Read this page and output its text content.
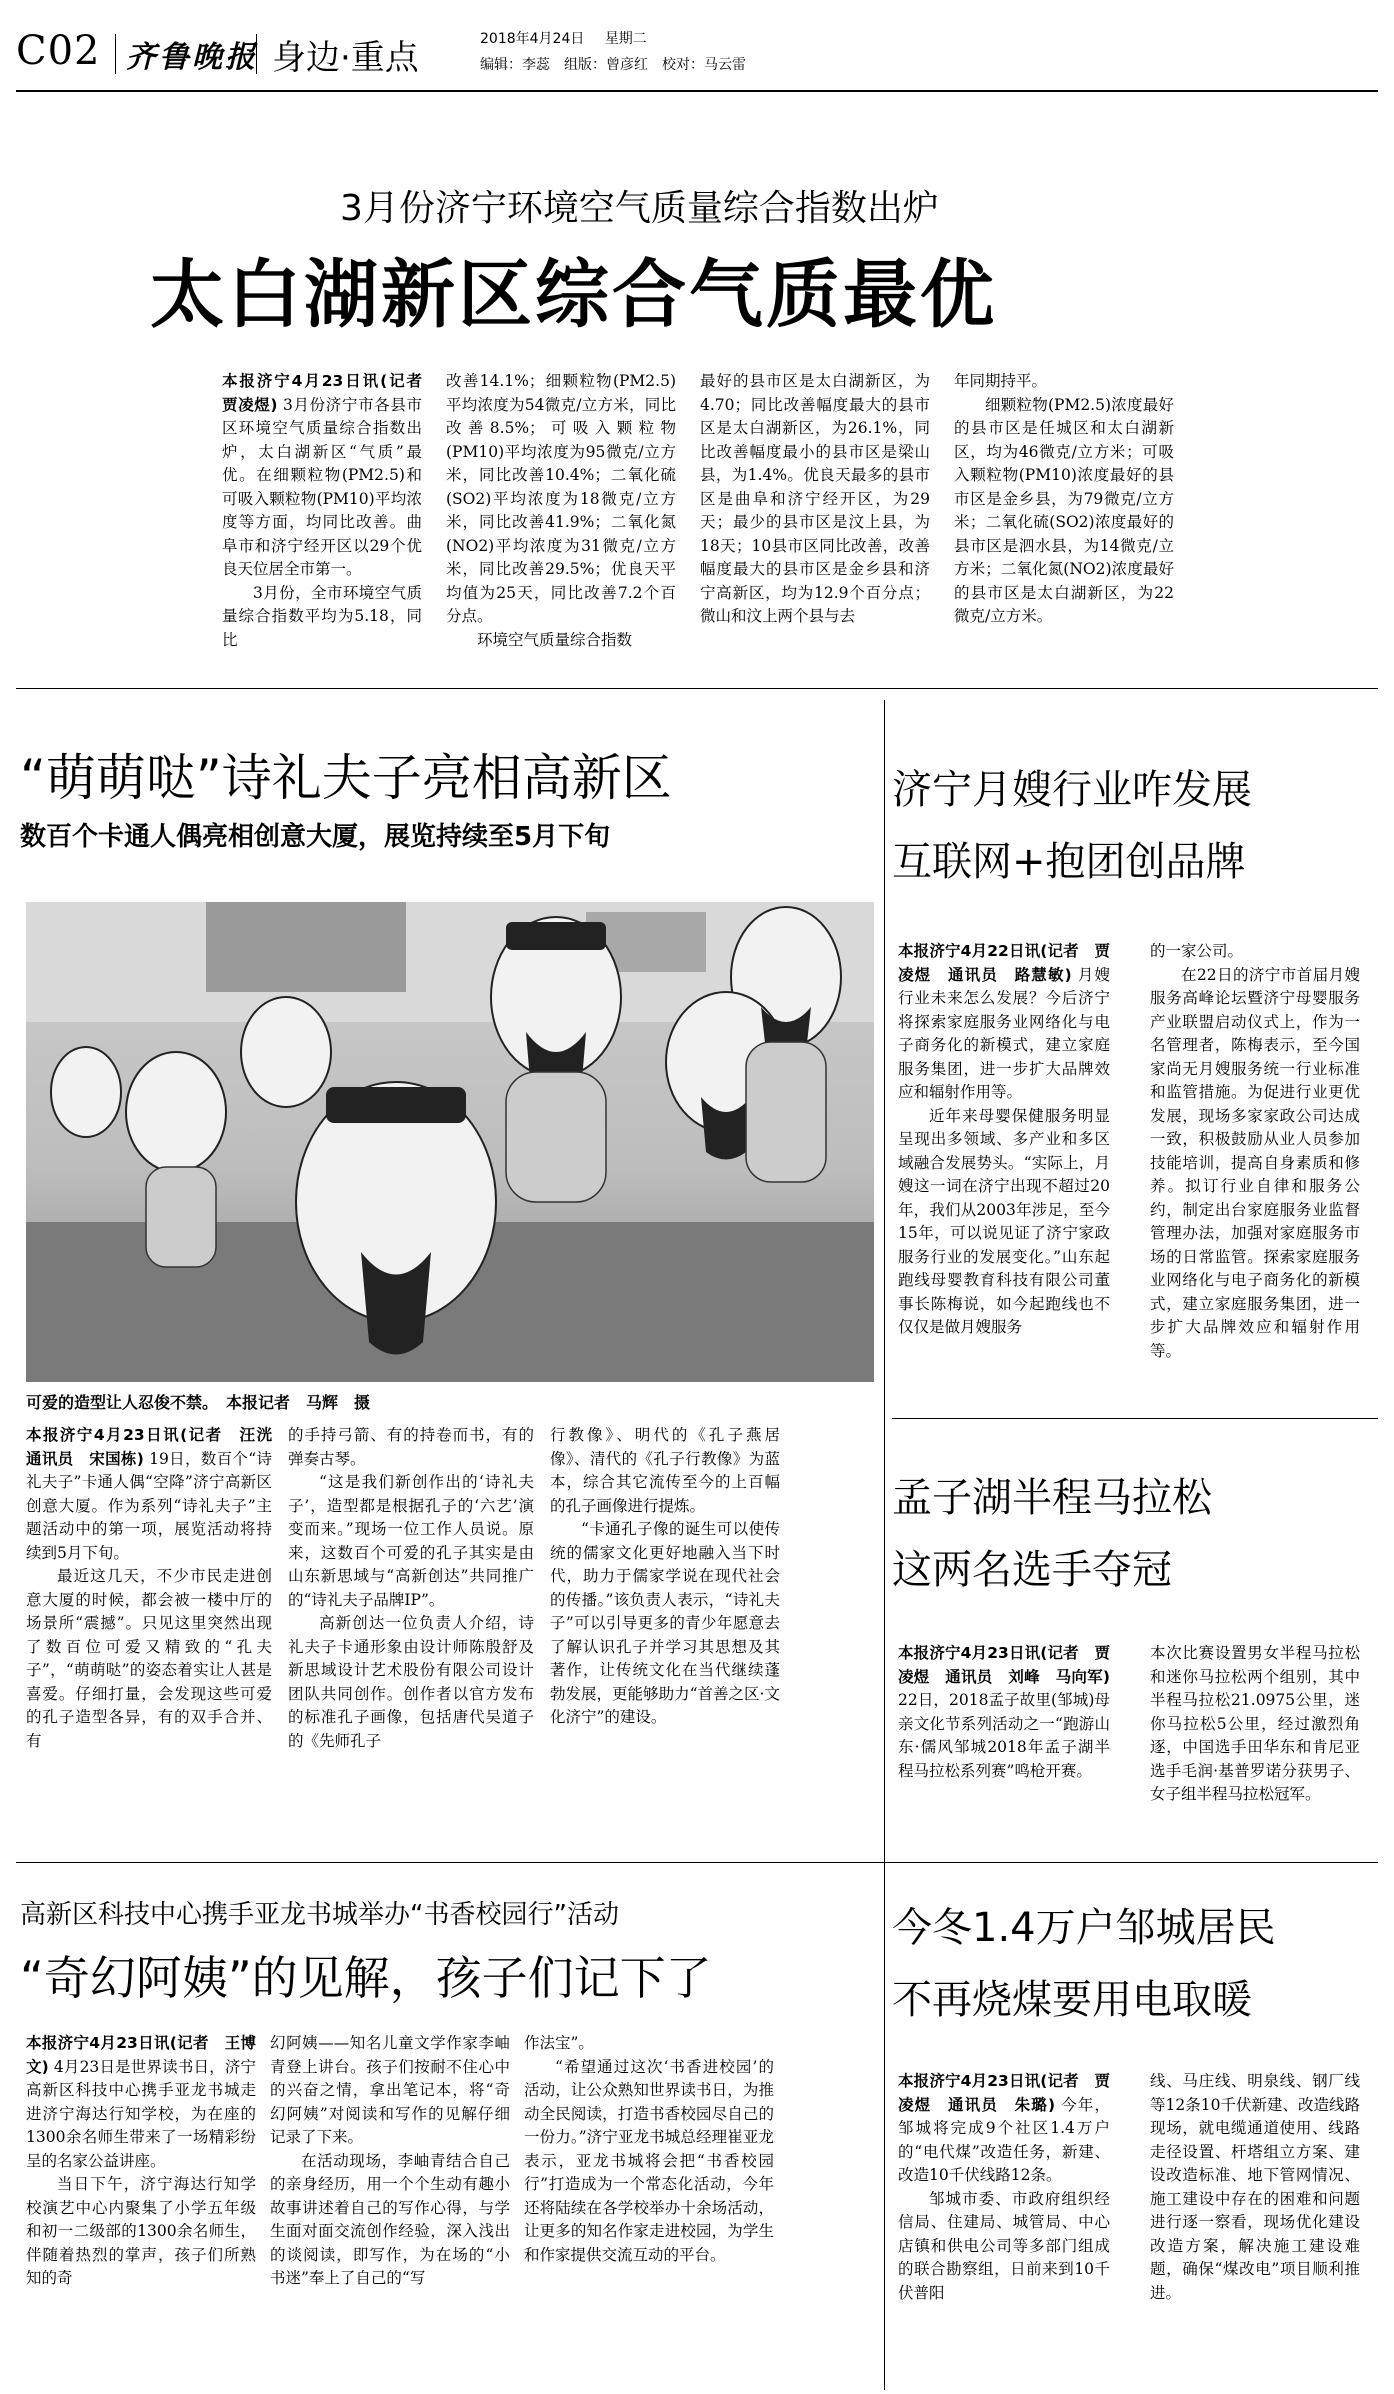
C02 齐鲁晚报 身边·重点	2018年4月24日 星期二
编辑：李蕊　组版：曾彦红　校对：马云雷
3月份济宁环境空气质量综合指数出炉
太白湖新区综合气质最优

本报济宁4月23日讯(记者　贾凌煜) 3月份济宁市各县市区环境空气质量综合指数出炉，太白湖新区“气质”最优。在细颗粒物(PM2.5)和可吸入颗粒物(PM10)平均浓度等方面，均同比改善。曲阜市和济宁经开区以29个优良天位居全市第一。

3月份，全市环境空气质量综合指数平均为5.18，同比

改善14.1%；细颗粒物(PM2.5)平均浓度为54微克/立方米，同比改善8.5%；可吸入颗粒物(PM10)平均浓度为95微克/立方米，同比改善10.4%；二氧化硫(SO2)平均浓度为18微克/立方米，同比改善41.9%；二氧化氮(NO2)平均浓度为31微克/立方米，同比改善29.5%；优良天平均值为25天，同比改善7.2个百分点。

环境空气质量综合指数

最好的县市区是太白湖新区，为4.70；同比改善幅度最大的县市区是太白湖新区，为26.1%，同比改善幅度最小的县市区是梁山县，为1.4%。优良天最多的县市区是曲阜和济宁经开区，为29天；最少的县市区是汶上县，为18天；10县市区同比改善，改善幅度最大的县市区是金乡县和济宁高新区，均为12.9个百分点；微山和汶上两个县与去

年同期持平。

细颗粒物(PM2.5)浓度最好的县市区是任城区和太白湖新区，均为46微克/立方米；可吸入颗粒物(PM10)浓度最好的县市区是金乡县，为79微克/立方米；二氧化硫(SO2)浓度最好的县市区是泗水县，为14微克/立方米；二氧化氮(NO2)浓度最好的县市区是太白湖新区，为22微克/立方米。

“萌萌哒”诗礼夫子亮相高新区
数百个卡通人偶亮相创意大厦，展览持续至5月下旬
可爱的造型让人忍俊不禁。　本报记者　马辉　摄

本报济宁4月23日讯(记者　汪洸　通讯员　宋国栋) 19日，数百个“诗礼夫子”卡通人偶“空降”济宁高新区创意大厦。作为系列“诗礼夫子”主题活动中的第一项，展览活动将持续到5月下旬。

最近这几天，不少市民走进创意大厦的时候，都会被一楼中厅的场景所“震撼”。只见这里突然出现了数百位可爱又精致的“孔夫子”，“萌萌哒”的姿态着实让人甚是喜爱。仔细打量，会发现这些可爱的孔子造型各异，有的双手合并、有

的手持弓箭、有的持卷而书，有的弹奏古琴。

“这是我们新创作出的‘诗礼夫子’，造型都是根据孔子的‘六艺’演变而来。”现场一位工作人员说。原来，这数百个可爱的孔子其实是由山东新思域与“高新创达”共同推广的“诗礼夫子品牌IP”。

高新创达一位负责人介绍，诗礼夫子卡通形象由设计师陈殷舒及新思域设计艺术股份有限公司设计团队共同创作。创作者以官方发布的标准孔子画像，包括唐代吴道子的《先师孔子

行教像》、明代的《孔子燕居像》、清代的《孔子行教像》为蓝本，综合其它流传至今的上百幅的孔子画像进行提炼。

“卡通孔子像的诞生可以使传统的儒家文化更好地融入当下时代，助力于儒家学说在现代社会的传播。”该负责人表示，“诗礼夫子”可以引导更多的青少年愿意去了解认识孔子并学习其思想及其著作，让传统文化在当代继续蓬勃发展，更能够助力“首善之区·文化济宁”的建设。

济宁月嫂行业咋发展
互联网+抱团创品牌

本报济宁4月22日讯(记者　贾凌煜　通讯员　路慧敏) 月嫂行业未来怎么发展？今后济宁将探索家庭服务业网络化与电子商务化的新模式，建立家庭服务集团，进一步扩大品牌效应和辐射作用等。

近年来母婴保健服务明显呈现出多领域、多产业和多区域融合发展势头。“实际上，月嫂这一词在济宁出现不超过20年，我们从2003年涉足，至今15年，可以说见证了济宁家政服务行业的发展变化。”山东起跑线母婴教育科技有限公司董事长陈梅说，如今起跑线也不仅仅是做月嫂服务

的一家公司。

在22日的济宁市首届月嫂服务高峰论坛暨济宁母婴服务产业联盟启动仪式上，作为一名管理者，陈梅表示，至今国家尚无月嫂服务统一行业标准和监管措施。为促进行业更优发展，现场多家家政公司达成一致，积极鼓励从业人员参加技能培训，提高自身素质和修养。拟订行业自律和服务公约，制定出台家庭服务业监督管理办法，加强对家庭服务市场的日常监管。探索家庭服务业网络化与电子商务化的新模式，建立家庭服务集团，进一步扩大品牌效应和辐射作用等。

孟子湖半程马拉松
这两名选手夺冠

本报济宁4月23日讯(记者　贾凌煜　通讯员　刘峰　马向军) 22日，2018孟子故里(邹城)母亲文化节系列活动之一“跑游山东·儒风邹城2018年孟子湖半程马拉松系列赛”鸣枪开赛。

本次比赛设置男女半程马拉松和迷你马拉松两个组别，其中半程马拉松21.0975公里，迷你马拉松5公里，经过激烈角逐，中国选手田华东和肯尼亚选手毛润·基普罗诺分获男子、女子组半程马拉松冠军。

高新区科技中心携手亚龙书城举办“书香校园行”活动
“奇幻阿姨”的见解，孩子们记下了

本报济宁4月23日讯(记者　王博文) 4月23日是世界读书日，济宁高新区科技中心携手亚龙书城走进济宁海达行知学校，为在座的1300余名师生带来了一场精彩纷呈的名家公益讲座。

当日下午，济宁海达行知学校演艺中心内聚集了小学五年级和初一二级部的1300余名师生，伴随着热烈的掌声，孩子们所熟知的奇

幻阿姨——知名儿童文学作家李岫青登上讲台。孩子们按耐不住心中的兴奋之情，拿出笔记本，将“奇幻阿姨”对阅读和写作的见解仔细记录了下来。

在活动现场，李岫青结合自己的亲身经历，用一个个生动有趣小故事讲述着自己的写作心得，与学生面对面交流创作经验，深入浅出的谈阅读，即写作，为在场的“小书迷”奉上了自己的“写

作法宝”。

“希望通过这次‘书香进校园’的活动，让公众熟知世界读书日，为推动全民阅读，打造书香校园尽自己的一份力。”济宁亚龙书城总经理崔亚龙表示，亚龙书城将会把“书香校园行”打造成为一个常态化活动，今年还将陆续在各学校举办十余场活动，让更多的知名作家走进校园，为学生和作家提供交流互动的平台。

今冬1.4万户邹城居民
不再烧煤要用电取暖

本报济宁4月23日讯(记者　贾凌煜　通讯员　朱璐) 今年，邹城将完成9个社区1.4万户的“电代煤”改造任务，新建、改造10千伏线路12条。

邹城市委、市政府组织经信局、住建局、城管局、中心店镇和供电公司等多部门组成的联合勘察组，日前来到10千伏普阳

线、马庄线、明泉线、钢厂线等12条10千伏新建、改造线路现场，就电缆通道使用、线路走径设置、杆塔组立方案、建设改造标准、地下管网情况、施工建设中存在的困难和问题进行逐一察看，现场优化建设改造方案，解决施工建设难题，确保“煤改电”项目顺利推进。
